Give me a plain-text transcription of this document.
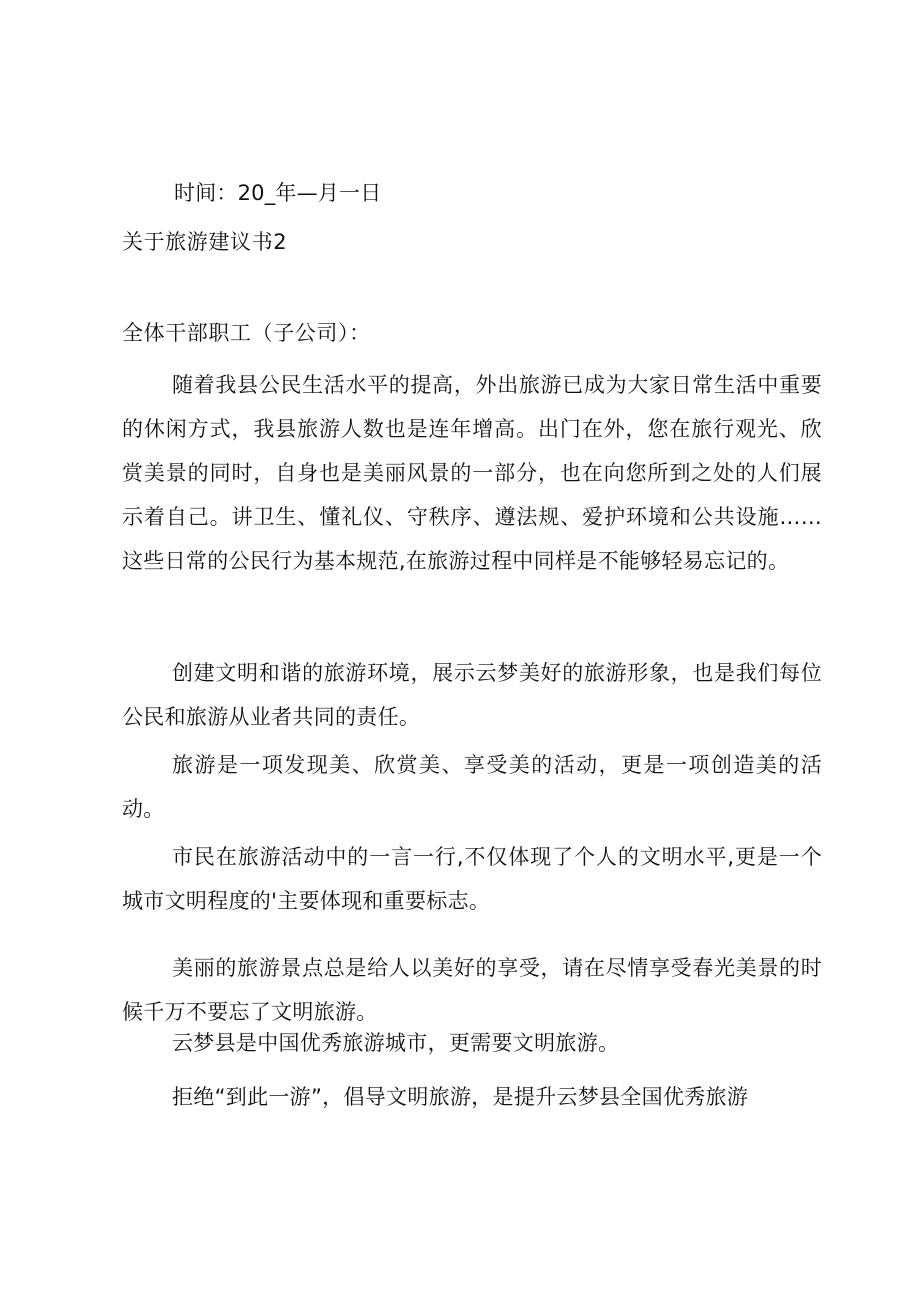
时间：20_年—月一日

关于旅游建议书2

全体干部职工（子公司）：

随着我县公民生活水平的提高，外出旅游已成为大家日常生活中重要的休闲方式，我县旅游人数也是连年增高。出门在外，您在旅行观光、欣赏美景的同时，自身也是美丽风景的一部分，也在向您所到之处的人们展示着自己。讲卫生、懂礼仪、守秩序、遵法规、爱护环境和公共设施……这些日常的公民行为基本规范,在旅游过程中同样是不能够轻易忘记的。

创建文明和谐的旅游环境，展示云梦美好的旅游形象，也是我们每位公民和旅游从业者共同的责任。

旅游是一项发现美、欣赏美、享受美的活动，更是一项创造美的活动。

市民在旅游活动中的一言一行,不仅体现了个人的文明水平,更是一个城市文明程度的'主要体现和重要标志。

美丽的旅游景点总是给人以美好的享受，请在尽情享受春光美景的时候千万不要忘了文明旅游。

云梦县是中国优秀旅游城市，更需要文明旅游。

拒绝“到此一游”，倡导文明旅游，是提升云梦县全国优秀旅游
